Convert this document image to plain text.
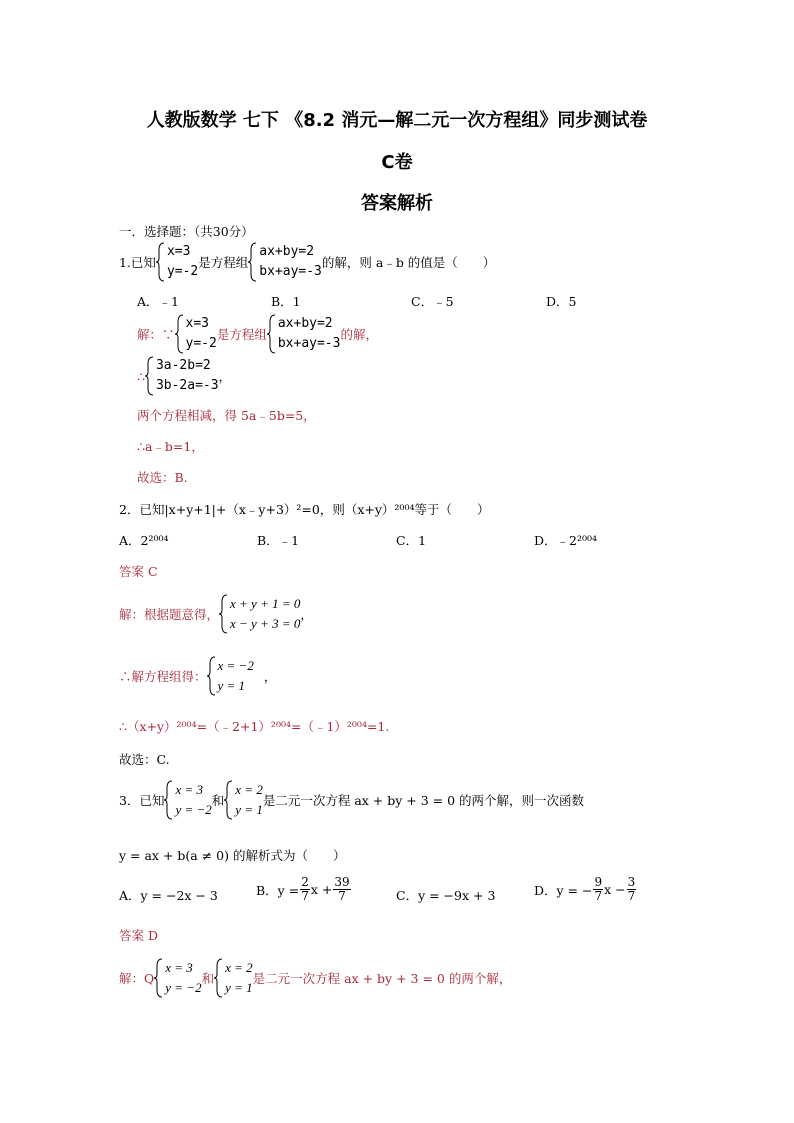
人教版数学 七下 《8.2 消元—解二元一次方程组》同步测试卷
C卷
答案解析
一．选择题：（共30分）
1.已知
x=3
y=-2
是方程组
ax+by=2
bx+ay=-3
的解，则 a﹣b 的值是（　　）
A．﹣1	B．1	C．﹣5	D．5
解：∵
x=3
y=-2
是方程组
ax+by=2
bx+ay=-3
的解，
∴
3a-2b=2
3b-2a=-3
，
两个方程相减，得 5a﹣5b=5，
∴a﹣b=1，
故选：B.
2．已知|x+y+1|+（x﹣y+3）²=0，则（x+y）²⁰⁰⁴等于（　　）
A．2²⁰⁰⁴	B．﹣1	C．1	D．﹣2²⁰⁰⁴
答案 C
解：根据题意得，
x + y + 1 = 0
x − y + 3 = 0
，
∴解方程组得：
x = −2
y = 1
，
∴（x+y）²⁰⁰⁴=（﹣2+1）²⁰⁰⁴=（﹣1）²⁰⁰⁴=1.
故选：C.
3．已知
x = 3
y = −2
和
x = 2
y = 1
是二元一次方程 ax + by + 3 = 0 的两个解，则一次函数
y = ax + b(a ≠ 0) 的解析式为（　　）
A．y = −2x − 3	B．$y = \frac{2}{7}$ $x + \frac{39}{7}$	C．y = −9x + 3	D．y = − $\frac{9}{7}$ $x - \frac{3}{7}$
答案 D
解：Q
x = 3
y = −2
和
x = 2
y = 1
是二元一次方程 ax + by + 3 = 0 的两个解，
